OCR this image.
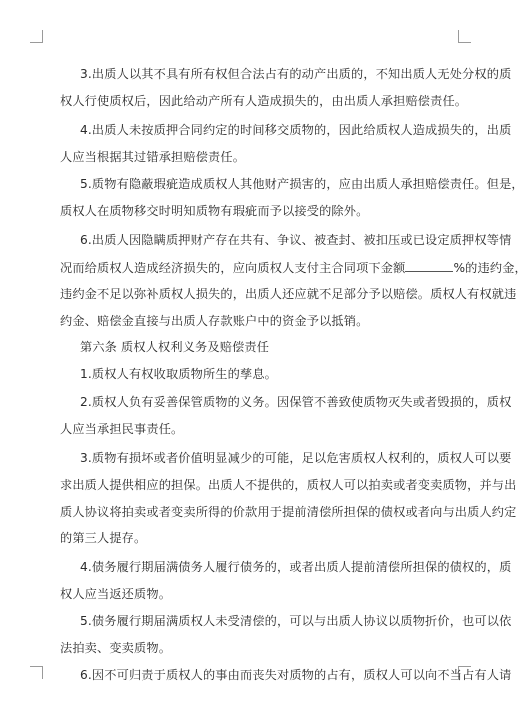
3.出质人以其不具有所有权但合法占有的动产出质的，不知出质人无处分权的质
权人行使质权后，因此给动产所有人造成损失的，由出质人承担赔偿责任。
4.出质人未按质押合同约定的时间移交质物的，因此给质权人造成损失的，出质
人应当根据其过错承担赔偿责任。
5.质物有隐蔽瑕疵造成质权人其他财产损害的，应由出质人承担赔偿责任。但是，
质权人在质物移交时明知质物有瑕疵而予以接受的除外。
6.出质人因隐瞒质押财产存在共有、争议、被查封、被扣压或已设定质押权等情
况而给质权人造成经济损失的，应向质权人支付主合同项下金额	%的违约金，
违约金不足以弥补质权人损失的，出质人还应就不足部分予以赔偿。质权人有权就违
约金、赔偿金直接与出质人存款账户中的资金予以抵销。
第六条 质权人权利义务及赔偿责任
1.质权人有权收取质物所生的孳息。
2.质权人负有妥善保管质物的义务。因保管不善致使质物灭失或者毁损的，质权
人应当承担民事责任。
3.质物有损坏或者价值明显减少的可能，足以危害质权人权利的，质权人可以要
求出质人提供相应的担保。出质人不提供的，质权人可以拍卖或者变卖质物，并与出
质人协议将拍卖或者变卖所得的价款用于提前清偿所担保的债权或者向与出质人约定
的第三人提存。
4.债务履行期届满债务人履行债务的，或者出质人提前清偿所担保的债权的，质
权人应当返还质物。
5.债务履行期届满质权人未受清偿的，可以与出质人协议以质物折价，也可以依
法拍卖、变卖质物。
6.因不可归责于质权人的事由而丧失对质物的占有，质权人可以向不当占有人请
